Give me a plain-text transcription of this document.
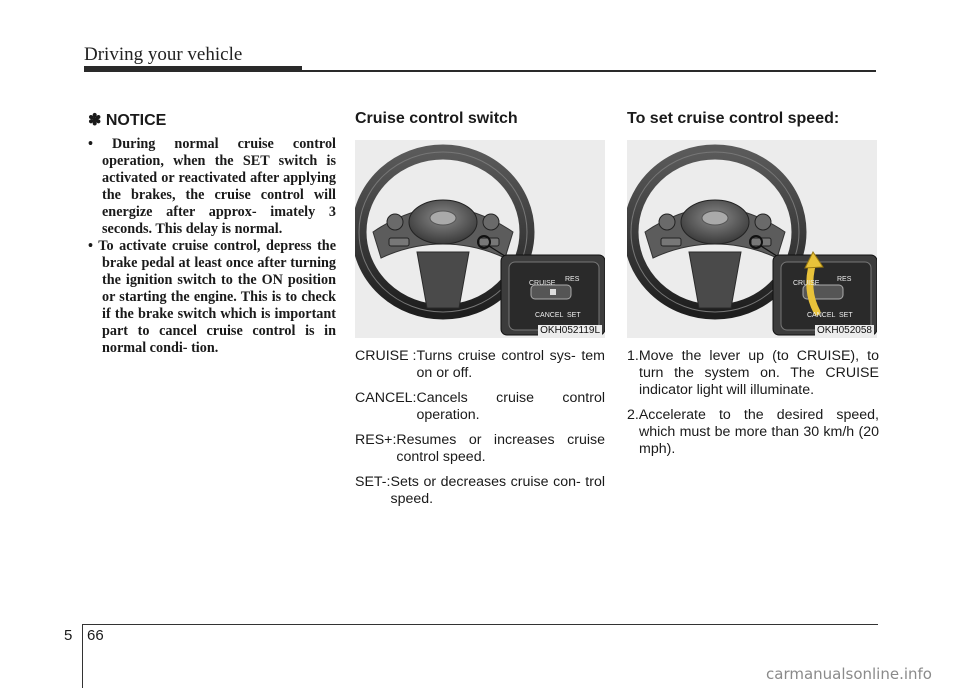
Driving your vehicle
✽ NOTICE
• During normal cruise control operation, when the SET switch is activated or reactivated after applying the brakes, the cruise control will energize after approx- imately 3 seconds. This delay is normal.
• To activate cruise control, depress the brake pedal at least once after turning the ignition switch to the ON position or starting the engine. This is to check if the brake switch which is important part to cancel cruise control is in normal condi- tion.
Cruise control switch
OKH052119L
CRUISE : Turns cruise control sys- tem on or off.
CANCEL: Cancels cruise control operation.
RES+: Resumes or increases cruise control speed.
SET-: Sets or decreases cruise con- trol speed.
To set cruise control speed:
OKH052058
1.Move the lever up (to CRUISE), to turn the system on. The CRUISE indicator light will illuminate.
2.Accelerate to the desired speed, which must be more than 30 km/h (20 mph).
CRUISE
RES
CANCEL SET
CRUISE
RES
CANCEL SET
5 66
carmanualsonline.info
